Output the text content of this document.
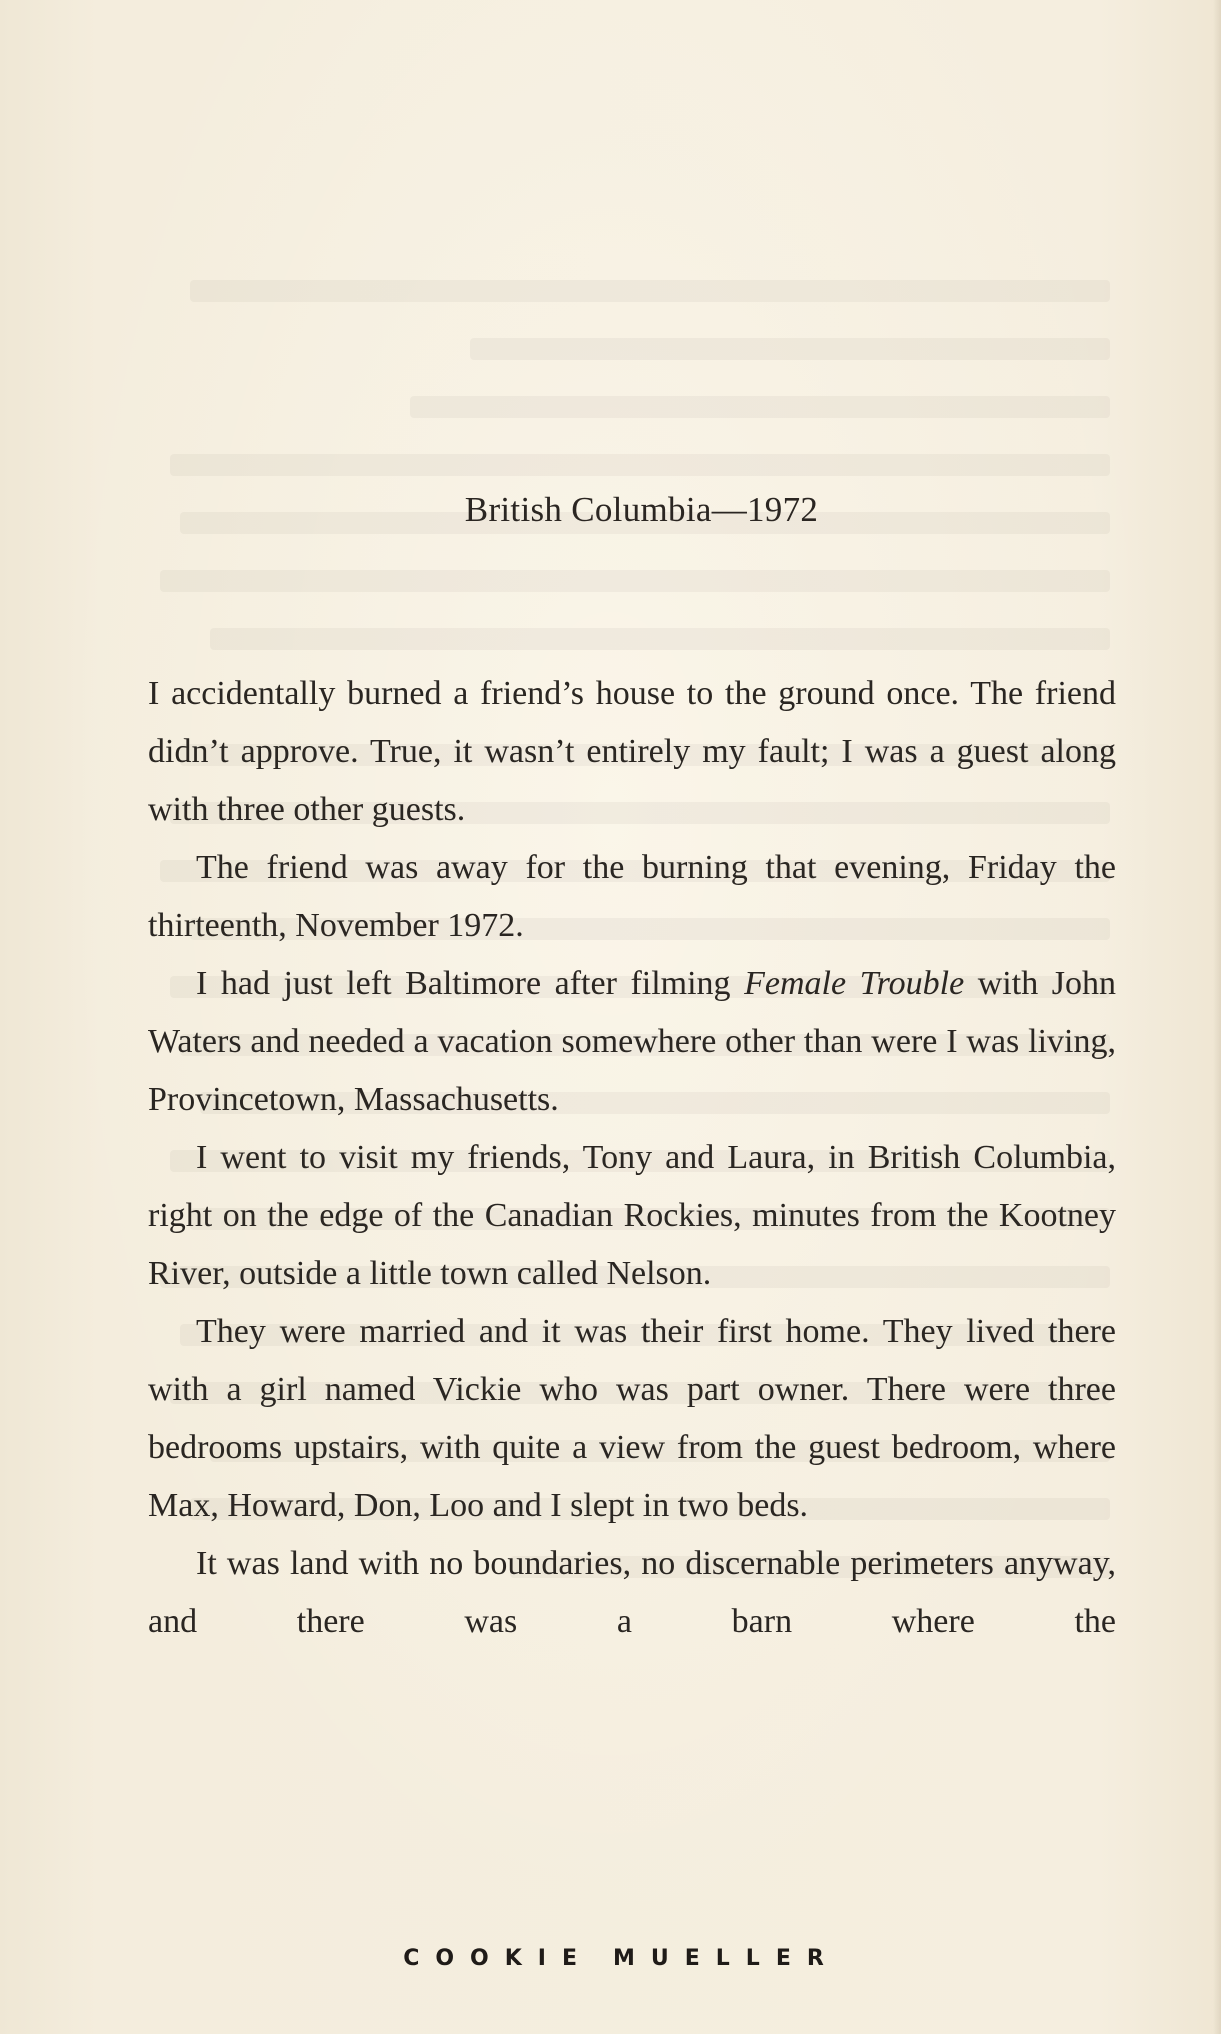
British Columbia—1972

I accidentally burned a friend’s house to the ground once. The friend didn’t approve. True, it wasn’t entirely my fault; I was a guest along with three other guests.

The friend was away for the burning that evening, Friday the thirteenth, November 1972.

I had just left Baltimore after filming Female Trouble with John Waters and needed a vacation somewhere other than were I was living, Provincetown, Massachusetts.

I went to visit my friends, Tony and Laura, in British Columbia, right on the edge of the Canadian Rockies, minutes from the Kootney River, outside a little town called Nelson.

They were married and it was their first home. They lived there with a girl named Vickie who was part owner. There were three bedrooms upstairs, with quite a view from the guest bedroom, where Max, Howard, Don, Loo and I slept in two beds.

It was land with no boundaries, no discernable perimeters anyway, and there was a barn where the

COOKIE MUELLER
